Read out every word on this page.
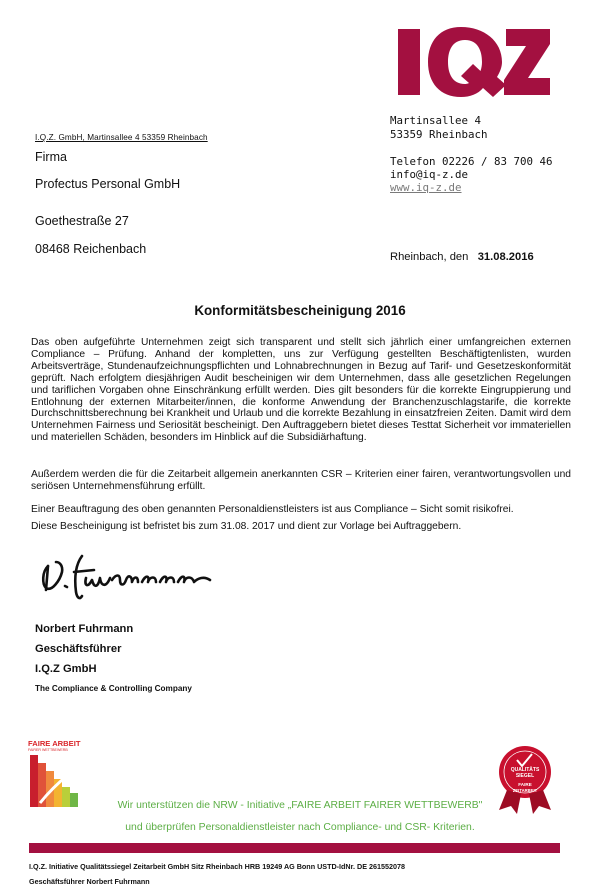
I.Q.Z. GmbH, Martinsallee 4 53359 Rheinbach
Firma
Profectus Personal GmbH
Goethestraße 27
08468 Reichenbach
Martinsallee 4
53359 Rheinbach
Telefon 02226 / 83 700 46
info@iq-z.de
www.iq-z.de
Rheinbach, den 31.08.2016
Konformitätsbescheinigung 2016
Das oben aufgeführte Unternehmen zeigt sich transparent und stellt sich jährlich einer umfangreichen externen Compliance – Prüfung. Anhand der kompletten, uns zur Verfügung gestellten Beschäftigtenlisten, wurden Arbeitsverträge, Stundenaufzeichnungspflichten und Lohnabrechnungen in Bezug auf Tarif- und Gesetzeskonformität geprüft. Nach erfolgtem diesjährigen Audit bescheinigen wir dem Unternehmen, dass alle gesetzlichen Regelungen und tariflichen Vorgaben ohne Einschränkung erfüllt werden. Dies gilt besonders für die korrekte Eingruppierung und Entlohnung der externen Mitarbeiter/innen, die konforme Anwendung der Branchenzuschlagstarife, die korrekte Durchschnittsberechnung bei Krankheit und Urlaub und die korrekte Bezahlung in einsatzfreien Zeiten. Damit wird dem Unternehmen Fairness und Seriosität bescheinigt. Den Auftraggebern bietet dieses Testtat Sicherheit vor immateriellen und materiellen Schäden, besonders im Hinblick auf die Subsidiärhaftung.
Außerdem werden die für die Zeitarbeit allgemein anerkannten CSR – Kriterien einer fairen, verantwortungsvollen und seriösen Unternehmensführung erfüllt.
Einer Beauftragung des oben genannten Personaldienstleisters ist aus Compliance – Sicht somit risikofrei.
Diese Bescheinigung ist befristet bis zum 31.08. 2017 und dient zur Vorlage bei Auftraggebern.
Norbert Fuhrmann
Geschäftsführer
I.Q.Z GmbH
The Compliance & Controlling Company
FAIRE ARBEIT
FAIRER WETTBEWERB
QUALITÄTS
SIEGEL
FAIRE
ZEITARBEIT
Wir unterstützen die NRW - Initiative „FAIRE ARBEIT FAIRER WETTBEWERB"
und überprüfen Personaldienstleister nach Compliance- und CSR- Kriterien.
I.Q.Z. Initiative Qualitätssiegel Zeitarbeit GmbH Sitz Rheinbach HRB 19249 AG Bonn USTD-IdNr. DE 261552078
Geschäftsführer Norbert Fuhrmann
